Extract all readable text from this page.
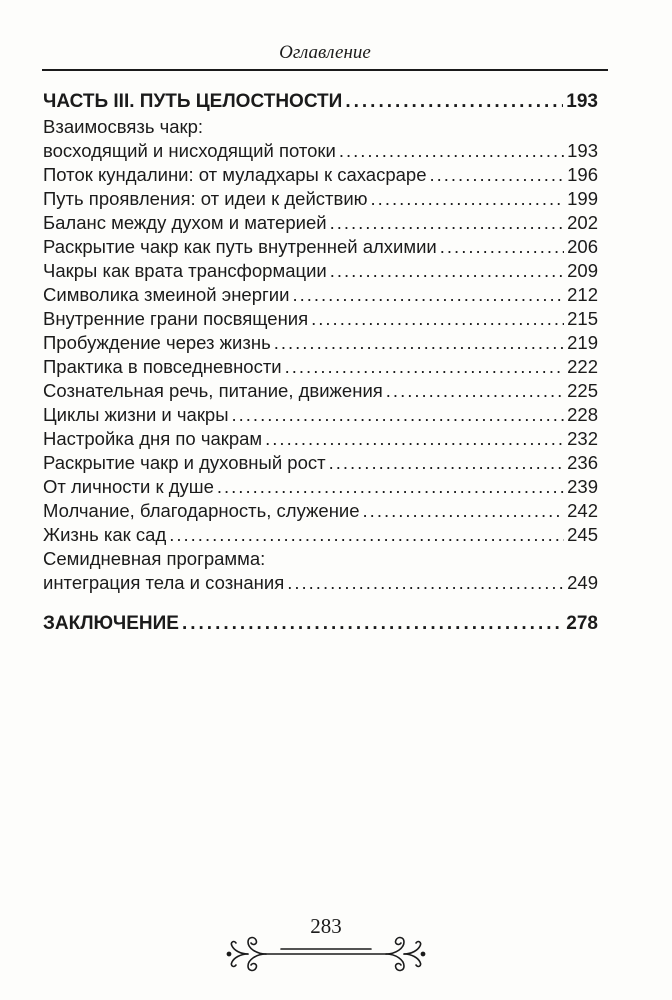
Оглавление
ЧАСТЬ III. ПУТЬ ЦЕЛОСТНОСТИ .....	193
Взаимосвязь чакр:
восходящий и нисходящий потоки .....	193
Поток кундалини: от муладхары к сахасраре .....	196
Путь проявления: от идеи к действию .....	199
Баланс между духом и материей .....	202
Раскрытие чакр как путь внутренней алхимии .....	206
Чакры как врата трансформации .....	209
Символика змеиной энергии .....	212
Внутренние грани посвящения .....	215
Пробуждение через жизнь .....	219
Практика в повседневности .....	222
Сознательная речь, питание, движения .....	225
Циклы жизни и чакры .....	228
Настройка дня по чакрам .....	232
Раскрытие чакр и духовный рост .....	236
От личности к душе .....	239
Молчание, благодарность, служение .....	242
Жизнь как сад .....	245
Семидневная программа:
интеграция тела и сознания .....	249
ЗАКЛЮЧЕНИЕ .....	278
283
